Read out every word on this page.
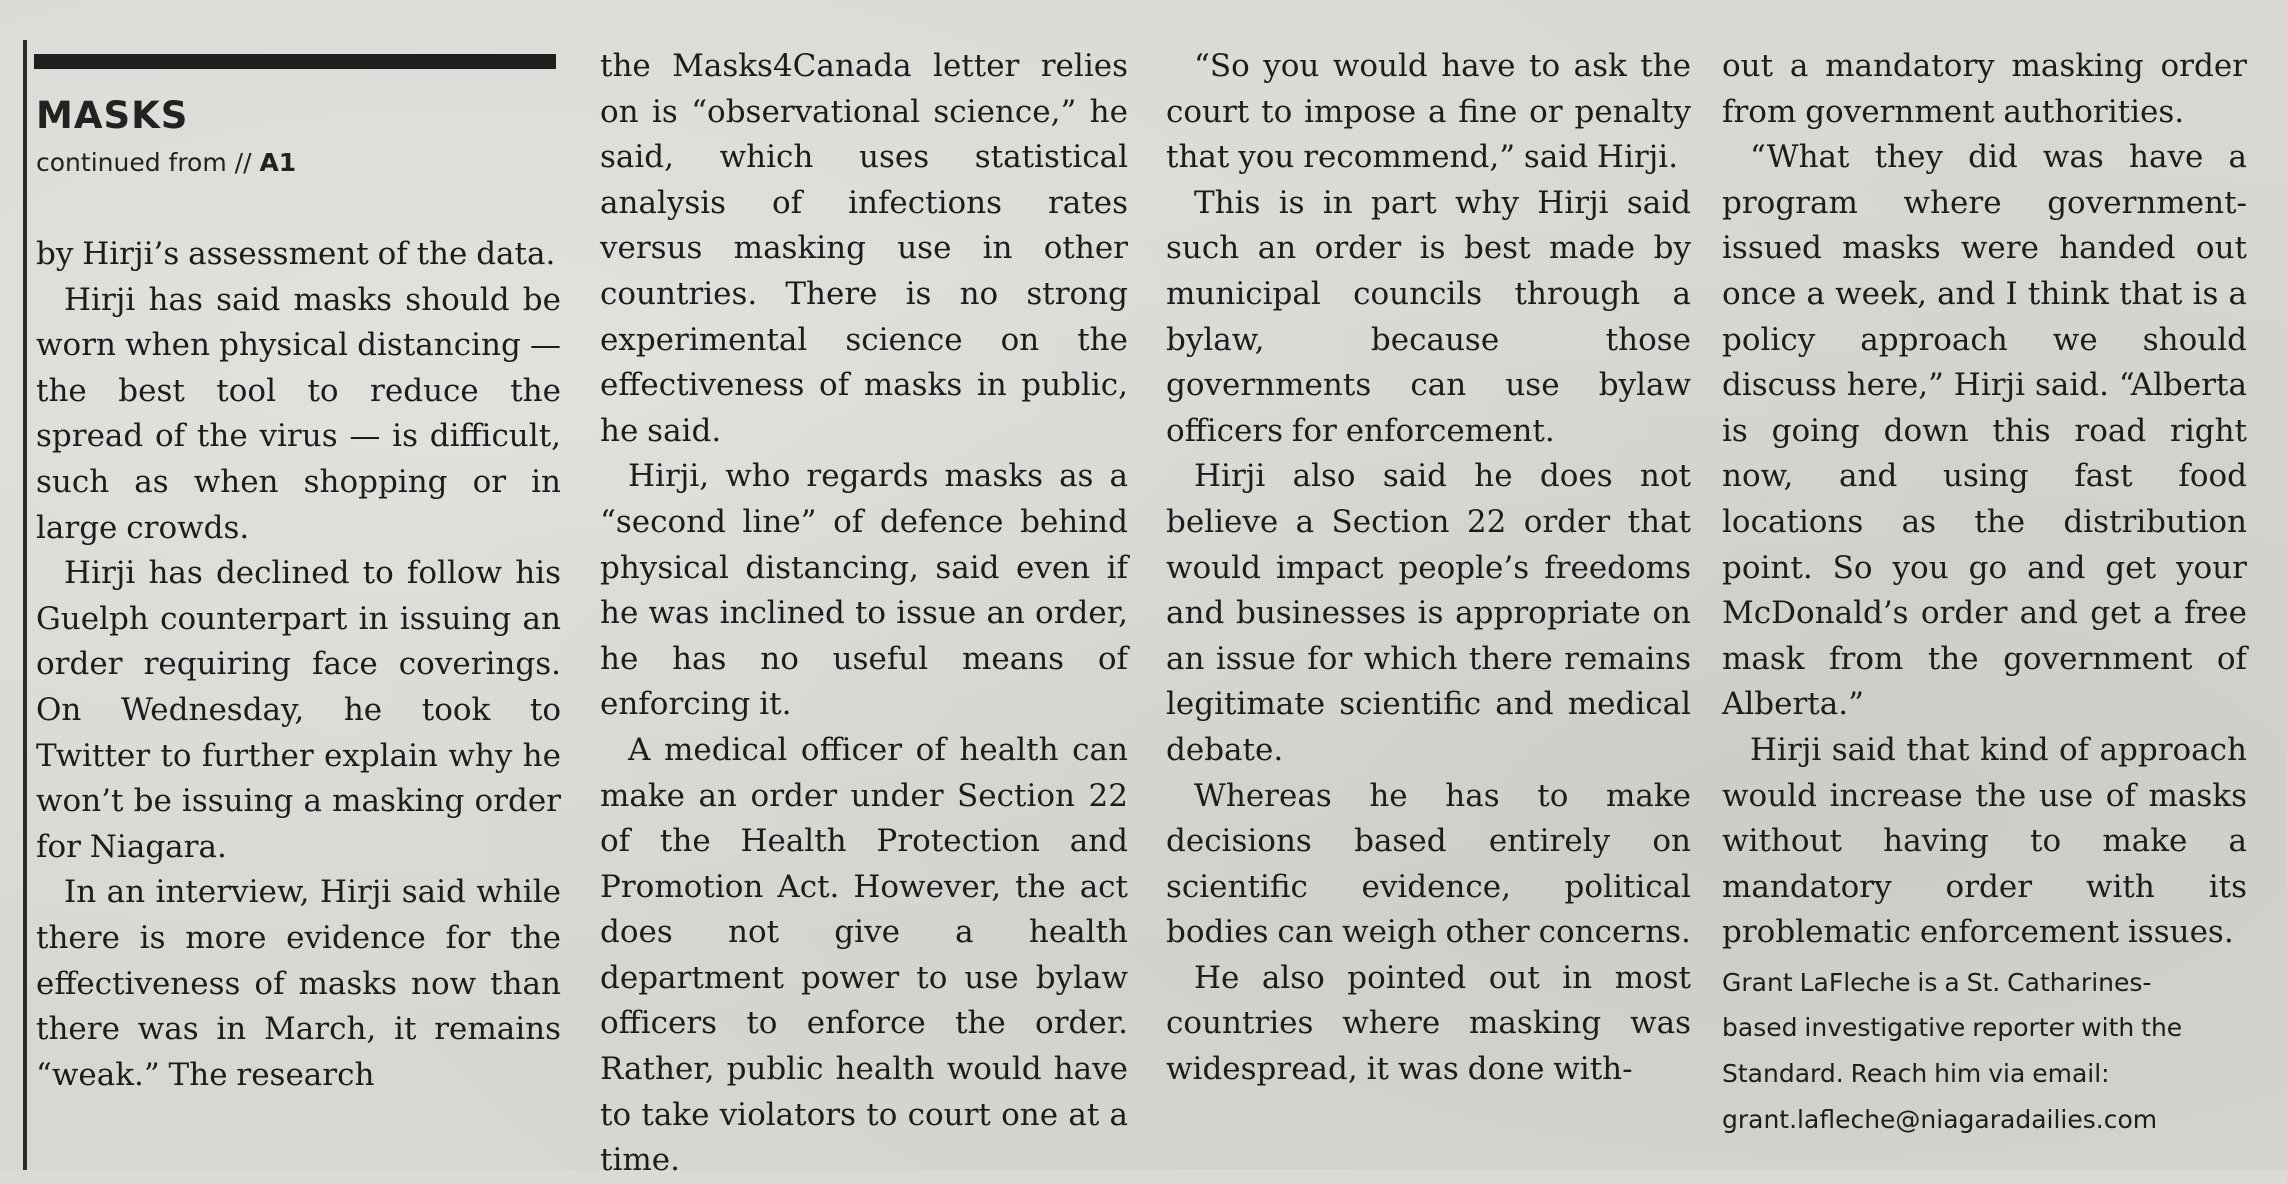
MASKS
continued from // A1

by Hirji’s assessment of the data.

Hirji has said masks should be worn when physical distancing — the best tool to reduce the spread of the virus — is difficult, such as when shopping or in large crowds.

Hirji has declined to follow his Guelph counterpart in issuing an order requiring face coverings. On Wednesday, he took to Twitter to further explain why he won’t be issuing a masking order for Niagara.

In an interview, Hirji said while there is more evidence for the effectiveness of masks now than there was in March, it remains “weak.” The research

the Masks4Canada letter relies on is “observational science,” he said, which uses statistical analysis of infections rates versus masking use in other countries. There is no strong experimental science on the effectiveness of masks in public, he said.

Hirji, who regards masks as a “second line” of defence behind physical distancing, said even if he was inclined to issue an order, he has no useful means of enforcing it.

A medical officer of health can make an order under Section 22 of the Health Protection and Promotion Act. However, the act does not give a health department power to use bylaw officers to enforce the order. Rather, public health would have to take violators to court one at a time.

“So you would have to ask the court to impose a fine or penalty that you recommend,” said Hirji.

This is in part why Hirji said such an order is best made by municipal councils through a bylaw, because those governments can use bylaw officers for enforcement.

Hirji also said he does not believe a Section 22 order that would impact people’s freedoms and businesses is appropriate on an issue for which there remains legitimate scientific and medical debate.

Whereas he has to make decisions based entirely on scientific evidence, political bodies can weigh other concerns.

He also pointed out in most countries where masking was widespread, it was done with-

out a mandatory masking order from government authorities.

“What they did was have a program where government-issued masks were handed out once a week, and I think that is a policy approach we should discuss here,” Hirji said. “Alberta is going down this road right now, and using fast food locations as the distribution point. So you go and get your McDonald’s order and get a free mask from the government of Alberta.”

Hirji said that kind of approach would increase the use of masks without having to make a mandatory order with its problematic enforcement issues.

Grant LaFleche is a St. Catharines-
based investigative reporter with the
Standard. Reach him via email:
grant.lafleche@niagaradailies.com
